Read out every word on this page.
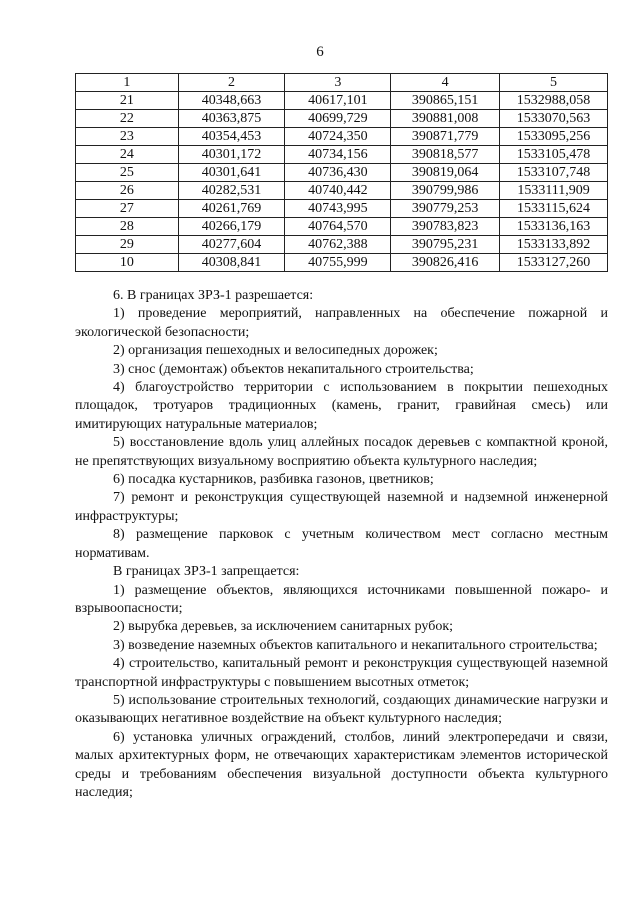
6
1	2	3	4	5
21	40348,663	40617,101	390865,151	1532988,058
22	40363,875	40699,729	390881,008	1533070,563
23	40354,453	40724,350	390871,779	1533095,256
24	40301,172	40734,156	390818,577	1533105,478
25	40301,641	40736,430	390819,064	1533107,748
26	40282,531	40740,442	390799,986	1533111,909
27	40261,769	40743,995	390779,253	1533115,624
28	40266,179	40764,570	390783,823	1533136,163
29	40277,604	40762,388	390795,231	1533133,892
10	40308,841	40755,999	390826,416	1533127,260

6. В границах ЗРЗ-1 разрешается:

1) проведение мероприятий, направленных на обеспечение пожарной и экологической безопасности;

2) организация пешеходных и велосипедных дорожек;

3) снос (демонтаж) объектов некапитального строительства;

4) благоустройство территории с использованием в покрытии пешеходных площадок, тротуаров традиционных (камень, гранит, гравийная смесь) или имитирующих натуральные материалов;

5) восстановление вдоль улиц аллейных посадок деревьев с компактной кроной, не препятствующих визуальному восприятию объекта культурного наследия;

6) посадка кустарников, разбивка газонов, цветников;

7) ремонт и реконструкция существующей наземной и надземной инженерной инфраструктуры;

8) размещение парковок с учетным количеством мест согласно местным нормативам.

В границах ЗРЗ-1 запрещается:

1) размещение объектов, являющихся источниками повышенной пожаро- и взрывоопасности;

2) вырубка деревьев, за исключением санитарных рубок;

3) возведение наземных объектов капитального и некапитального строительства;

4) строительство, капитальный ремонт и реконструкция существующей наземной транспортной инфраструктуры с повышением высотных отметок;

5) использование строительных технологий, создающих динамические нагрузки и оказывающих негативное воздействие на объект культурного наследия;

6) установка уличных ограждений, столбов, линий электропередачи и связи, малых архитектурных форм, не отвечающих характеристикам элементов исторической среды и требованиям обеспечения визуальной доступности объекта культурного наследия;
